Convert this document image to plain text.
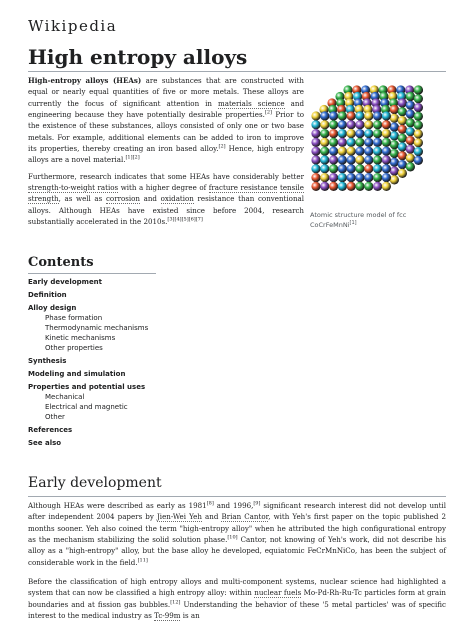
Wikipedia
High entropy alloys

High-entropy alloys (HEAs) are substances that are constructed with equal or nearly equal quantities of five or more metals. These alloys are currently the focus of significant attention in materials science and engineering because they have potentially desirable properties.[2] Prior to the existence of these substances, alloys consisted of only one or two base metals. For example, additional elements can be added to iron to improve its properties, thereby creating an iron based alloy.[2] Hence, high entropy alloys are a novel material.[1][2]

Furthermore, research indicates that some HEAs have considerably better strength-to-weight ratios with a higher degree of fracture resistance tensile strength, as well as corrosion and oxidation resistance than conventional alloys. Although HEAs have existed since before 2004, research substantially accelerated in the 2010s.[3][4][5][6][7]

Atomic structure model of fcc CoCrFeMnNi[1]
Contents
Early development
Definition
Alloy design
Phase formation
Thermodynamic mechanisms
Kinetic mechanisms
Other properties
Synthesis
Modeling and simulation
Properties and potential uses
Mechanical
Electrical and magnetic
Other
References
See also
Early development

Although HEAs were described as early as 1981[8] and 1996,[9] significant research interest did not develop until after independent 2004 papers by Jien-Wei Yeh and Brian Cantor, with Yeh's first paper on the topic published 2 months sooner. Yeh also coined the term "high-entropy alloy" when he attributed the high configurational entropy as the mechanism stabilizing the solid solution phase.[10] Cantor, not knowing of Yeh's work, did not describe his alloy as a "high-entropy" alloy, but the base alloy he developed, equiatomic FeCrMnNiCo, has been the subject of considerable work in the field.[11]

Before the classification of high entropy alloys and multi-component systems, nuclear science had highlighted a system that can now be classified a high entropy alloy: within nuclear fuels Mo-Pd-Rh-Ru-Tc particles form at grain boundaries and at fission gas bubbles.[12] Understanding the behavior of these '5 metal particles' was of specific interest to the medical industry as Tc-99m is an
